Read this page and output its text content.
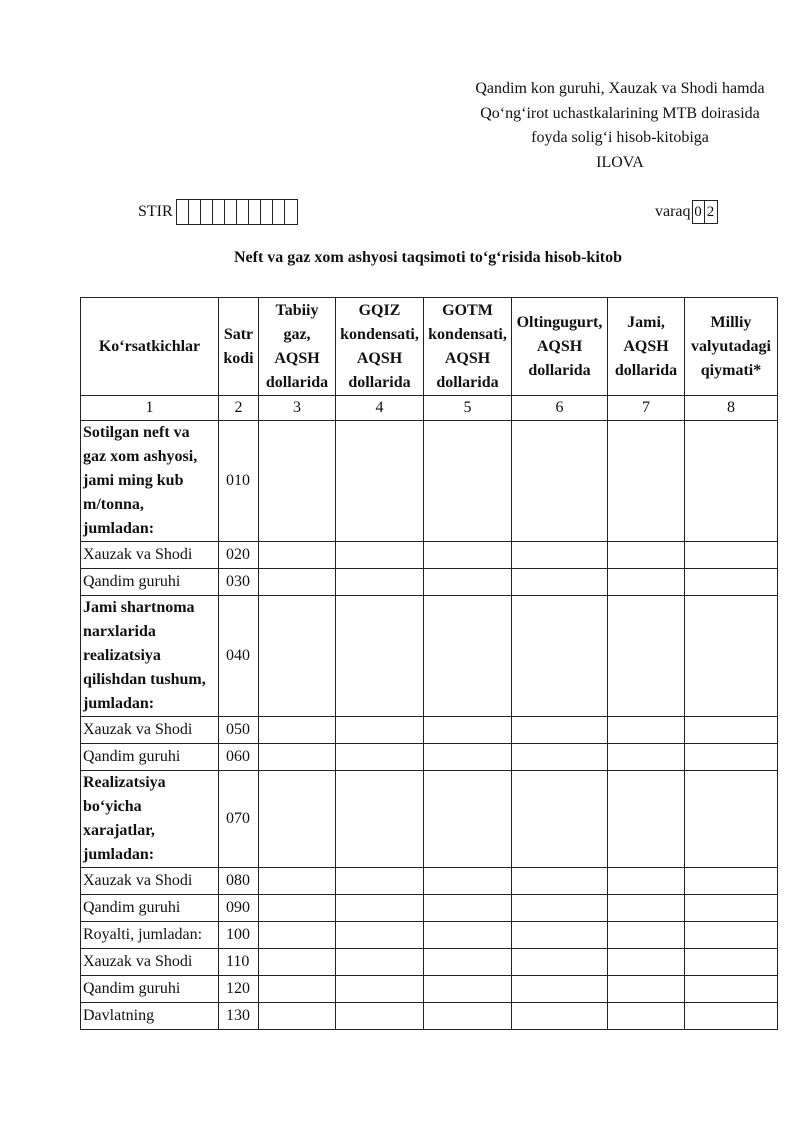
Qandim kon guruhi, Xauzak va Shodi hamda
Qo‘ng‘irot uchastkalarining MTB doirasida
foyda solig‘i hisob-kitobiga
ILOVA
STIR	varaq 0 2
Neft va gaz xom ashyosi taqsimoti to‘g‘risida hisob-kitob
Ko‘rsatkichlar	Satr kodi	Tabiiy gaz, AQSH dollarida	GQIZ kondensati, AQSH dollarida	GOTM kondensati, AQSH dollarida	Oltingugurt, AQSH dollarida	Jami, AQSH dollarida	Milliy valyutadagi qiymati*
1	2	3	4	5	6	7	8
Sotilgan neft va gaz xom ashyosi, jami ming kub m/tonna, jumladan:	010						
Xauzak va Shodi	020						
Qandim guruhi	030						
Jami shartnoma narxlarida realizatsiya qilishdan tushum, jumladan:	040						
Xauzak va Shodi	050						
Qandim guruhi	060						
Realizatsiya bo‘yicha xarajatlar, jumladan:	070						
Xauzak va Shodi	080						
Qandim guruhi	090						
Royalti, jumladan:	100						
Xauzak va Shodi	110						
Qandim guruhi	120						
Davlatning	130						
